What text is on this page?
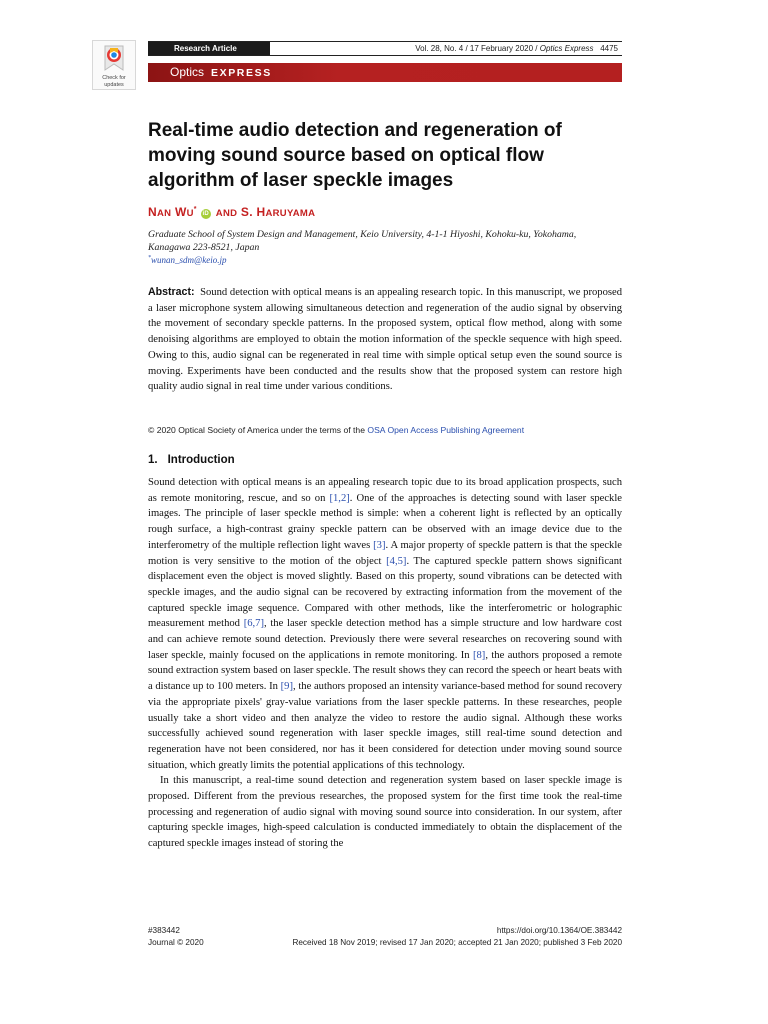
Check for
updates
Research Article	Vol. 28, No. 4 / 17 February 2020 / Optics Express 4475
Optics EXPRESS
Real-time audio detection and regeneration of moving sound source based on optical flow algorithm of laser speckle images
NAN WU*iD AND S. HARUYAMA
Graduate School of System Design and Management, Keio University, 4-1-1 Hiyoshi, Kohoku-ku, Yokohama, Kanagawa 223-8521, Japan
*wunan_sdm@keio.jp
Abstract: Sound detection with optical means is an appealing research topic. In this manuscript, we proposed a laser microphone system allowing simultaneous detection and regeneration of the audio signal by observing the movement of secondary speckle patterns. In the proposed system, optical flow method, along with some denoising algorithms are employed to obtain the motion information of the speckle sequence with high speed. Owing to this, audio signal can be regenerated in real time with simple optical setup even the sound source is moving. Experiments have been conducted and the results show that the proposed system can restore high quality audio signal in real time under various conditions.
© 2020 Optical Society of America under the terms of the OSA Open Access Publishing Agreement
1. Introduction

Sound detection with optical means is an appealing research topic due to its broad application prospects, such as remote monitoring, rescue, and so on [1,2]. One of the approaches is detecting sound with laser speckle images. The principle of laser speckle method is simple: when a coherent light is reflected by an optically rough surface, a high-contrast grainy speckle pattern can be observed with an image device due to the interferometry of the multiple reflection light waves [3]. A major property of speckle pattern is that the speckle motion is very sensitive to the motion of the object [4,5]. The captured speckle pattern shows significant displacement even the object is moved slightly. Based on this property, sound vibrations can be detected with speckle images, and the audio signal can be recovered by extracting information from the movement of the captured speckle image sequence. Compared with other methods, like the interferometric or holographic measurement method [6,7], the laser speckle detection method has a simple structure and low hardware cost and can achieve remote sound detection. Previously there were several researches on recovering sound with laser speckle, mainly focused on the applications in remote monitoring. In [8], the authors proposed a remote sound extraction system based on laser speckle. The result shows they can record the speech or heart beats with a distance up to 100 meters. In [9], the authors proposed an intensity variance-based method for sound recovery via the appropriate pixels' gray-value variations from the laser speckle patterns. In these researches, people usually take a short video and then analyze the video to restore the audio signal. Although these works successfully achieved sound regeneration with laser speckle images, still real-time sound detection and regeneration have not been considered, nor has it been considered for detection under moving sound source situation, which greatly limits the potential applications of this technology.

In this manuscript, a real-time sound detection and regeneration system based on laser speckle image is proposed. Different from the previous researches, the proposed system for the first time took the real-time processing and regeneration of audio signal with moving sound source into consideration. In our system, after capturing speckle images, high-speed calculation is conducted immediately to obtain the displacement of the captured speckle images instead of storing the

#383442
Journal © 2020
https://doi.org/10.1364/OE.383442
Received 18 Nov 2019; revised 17 Jan 2020; accepted 21 Jan 2020; published 3 Feb 2020
